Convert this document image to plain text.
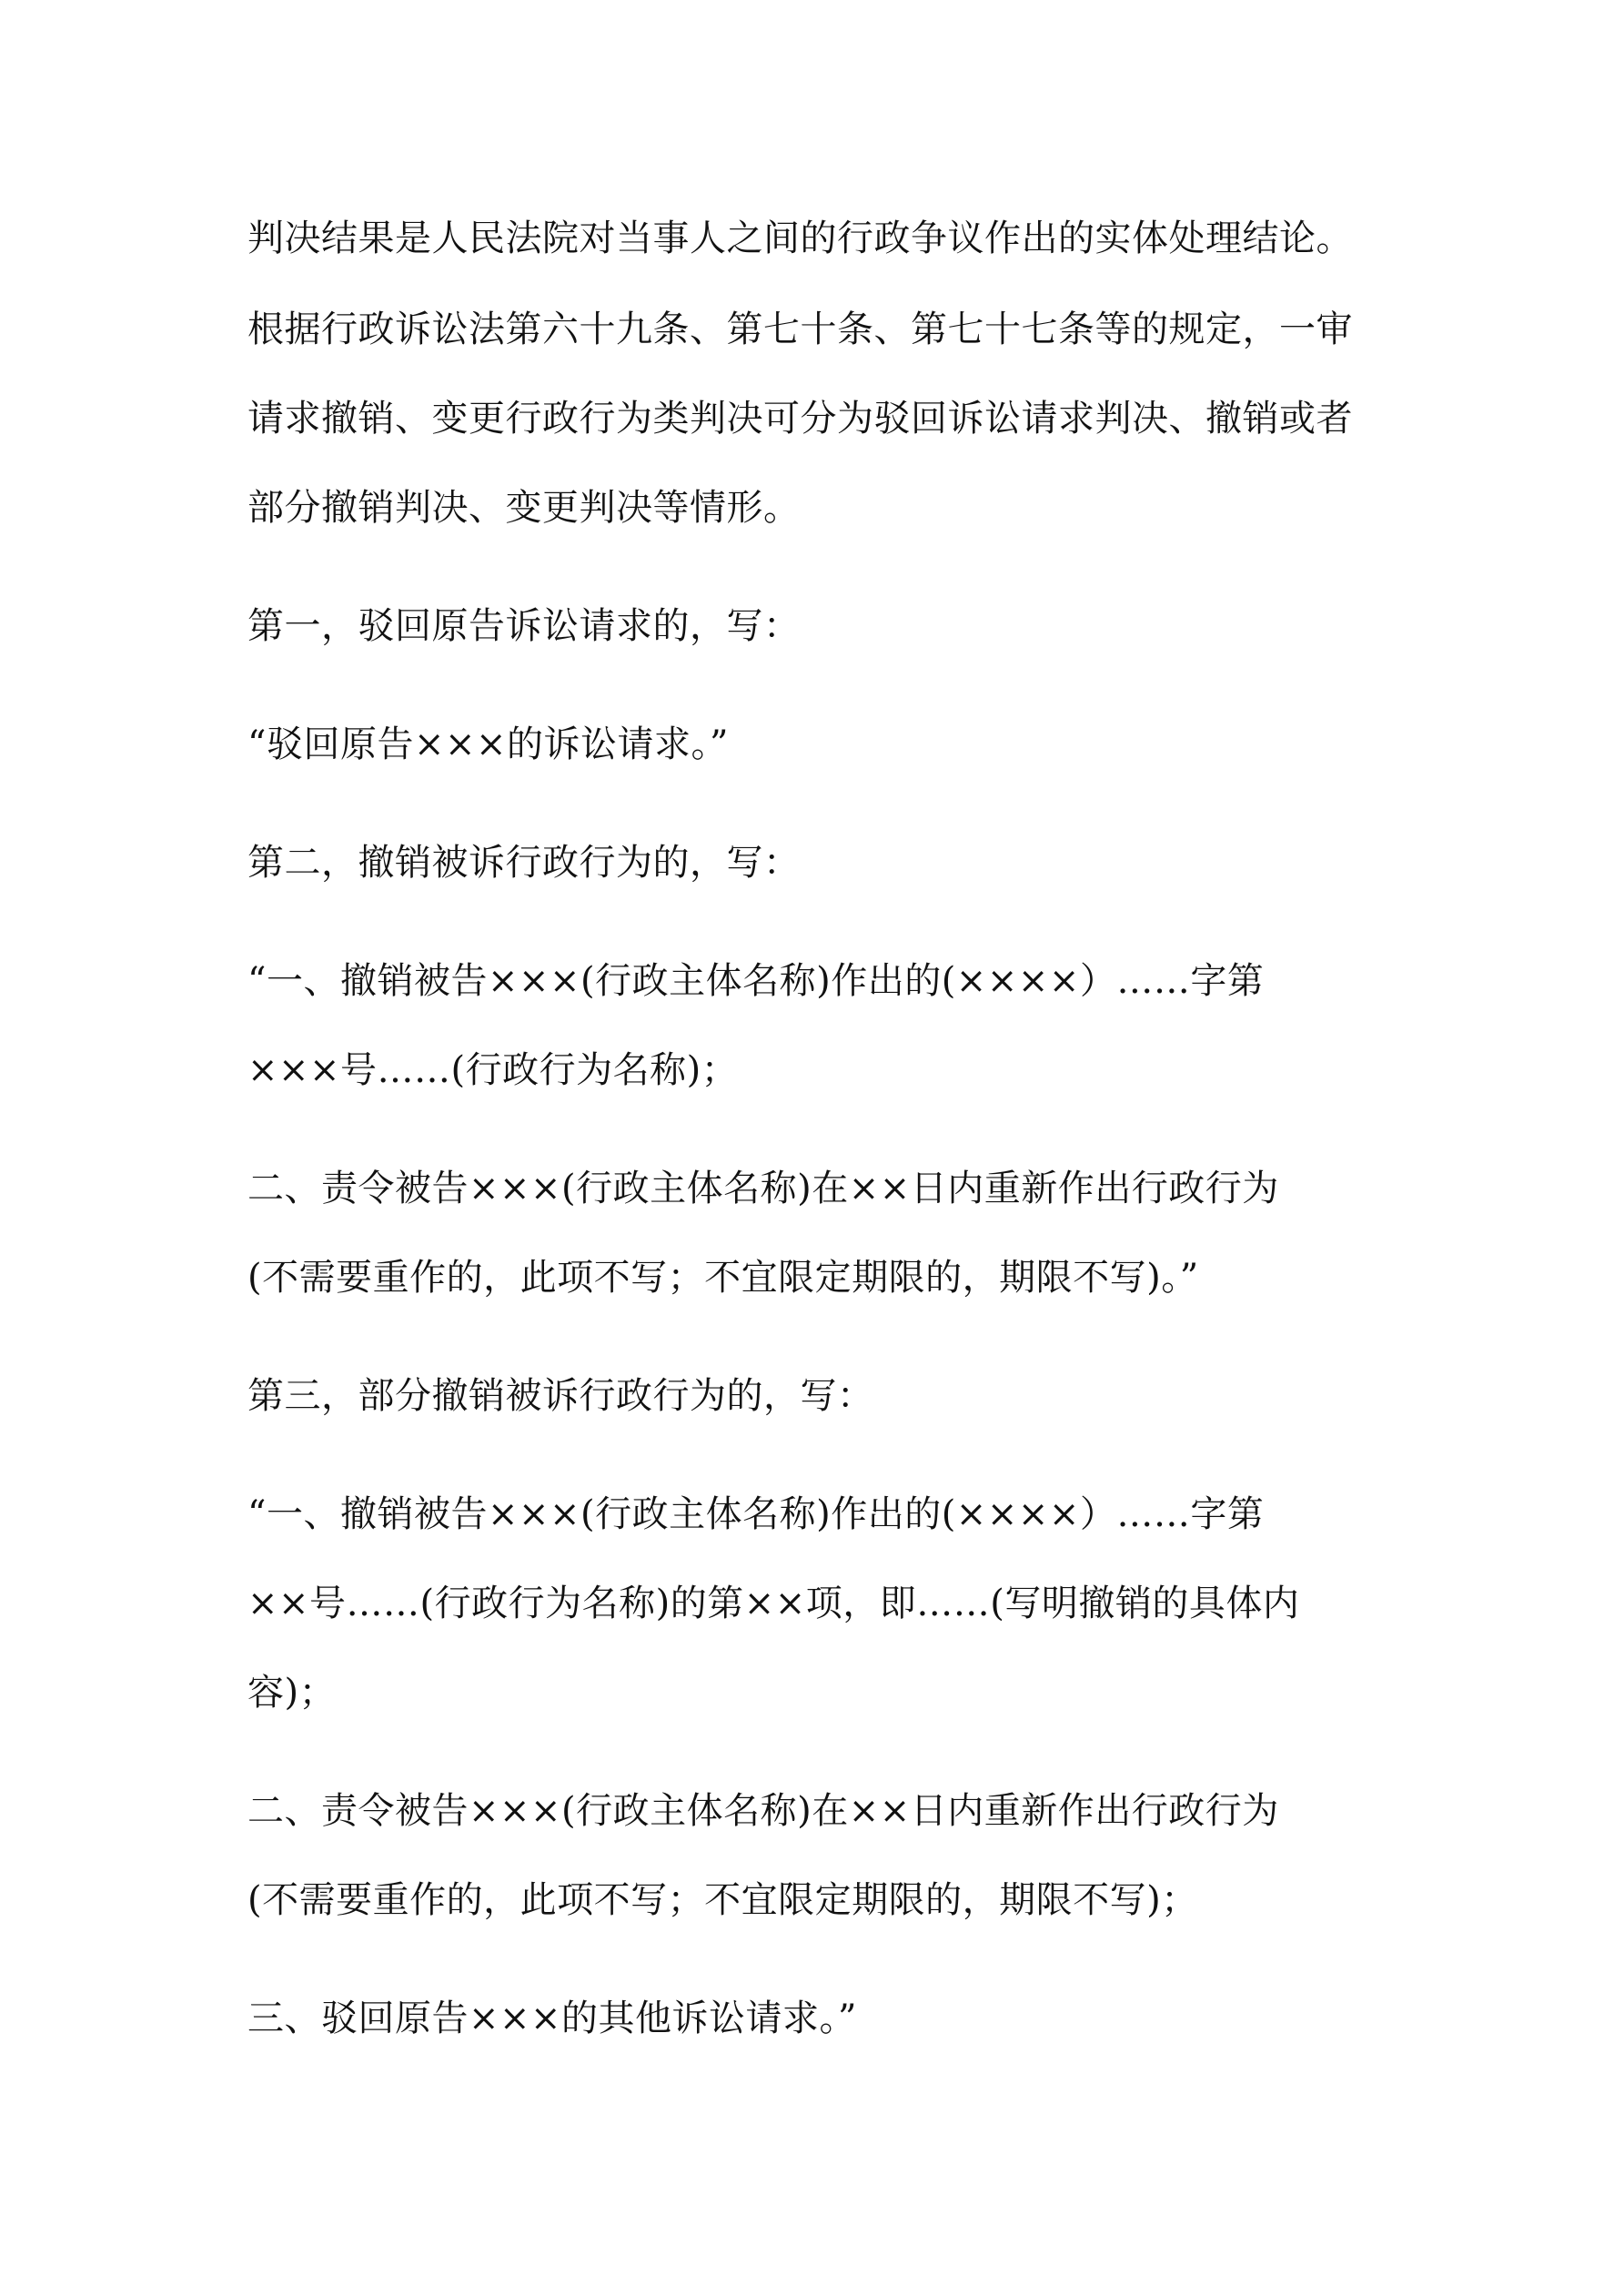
判决结果是人民法院对当事人之间的行政争议作出的实体处理结论。
根据行政诉讼法第六十九条、第七十条、第七十七条等的规定，一审
请求撤销、变更行政行为类判决可分为驳回诉讼请求判决、撤销或者
部分撤销判决、变更判决等情形。
第一，驳回原告诉讼请求的，写：
“驳回原告×××的诉讼请求。”
第二，撤销被诉行政行为的，写：
“一、撤销被告×××(行政主体名称)作出的(××××）……字第
×××号……(行政行为名称)；
二、责令被告×××(行政主体名称)在××日内重新作出行政行为
(不需要重作的，此项不写；不宜限定期限的，期限不写)。”
第三，部分撤销被诉行政行为的，写：
“一、撤销被告×××(行政主体名称)作出的(××××）……字第
××号……(行政行为名称)的第××项，即……(写明撤销的具体内
容)；
二、责令被告×××(行政主体名称)在××日内重新作出行政行为
(不需要重作的，此项不写；不宜限定期限的，期限不写)；
三、驳回原告×××的其他诉讼请求。”
